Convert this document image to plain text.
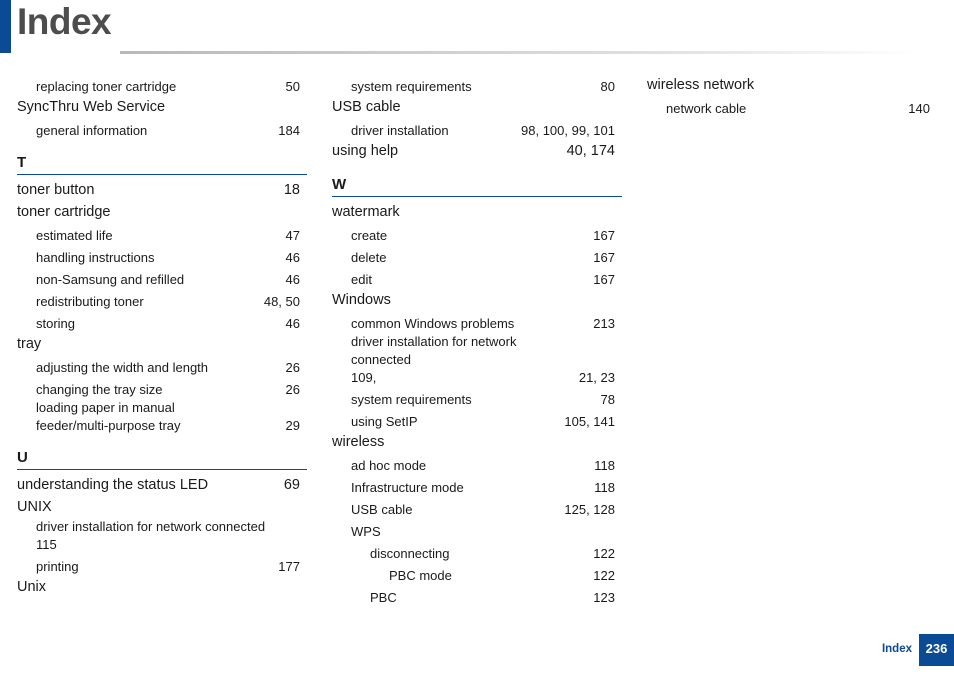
Index
replacing toner cartridge	50
SyncThru Web Service
general information	184
T
toner button	18
toner cartridge
estimated life	47
handling instructions	46
non-Samsung and refilled	46
redistributing toner	48, 50
storing	46
tray
adjusting the width and length	26
changing the tray size	26
loading paper in manual
feeder/multi-purpose tray	29
U
understanding the status LED	69
UNIX
driver installation for network connected
115
printing	177
Unix
system requirements	80
USB cable
driver installation	98, 100, 99, 101
using help	40, 174
W
watermark
create	167
delete	167
edit	167
Windows
common Windows problems	213
driver installation for network connected
109,	21, 23
system requirements	78
using SetIP	105, 141
wireless
ad hoc mode	118
Infrastructure mode	118
USB cable	125, 128
WPS
disconnecting	122
PBC mode	122
PBC	123
wireless network
network cable	140
Index	236
